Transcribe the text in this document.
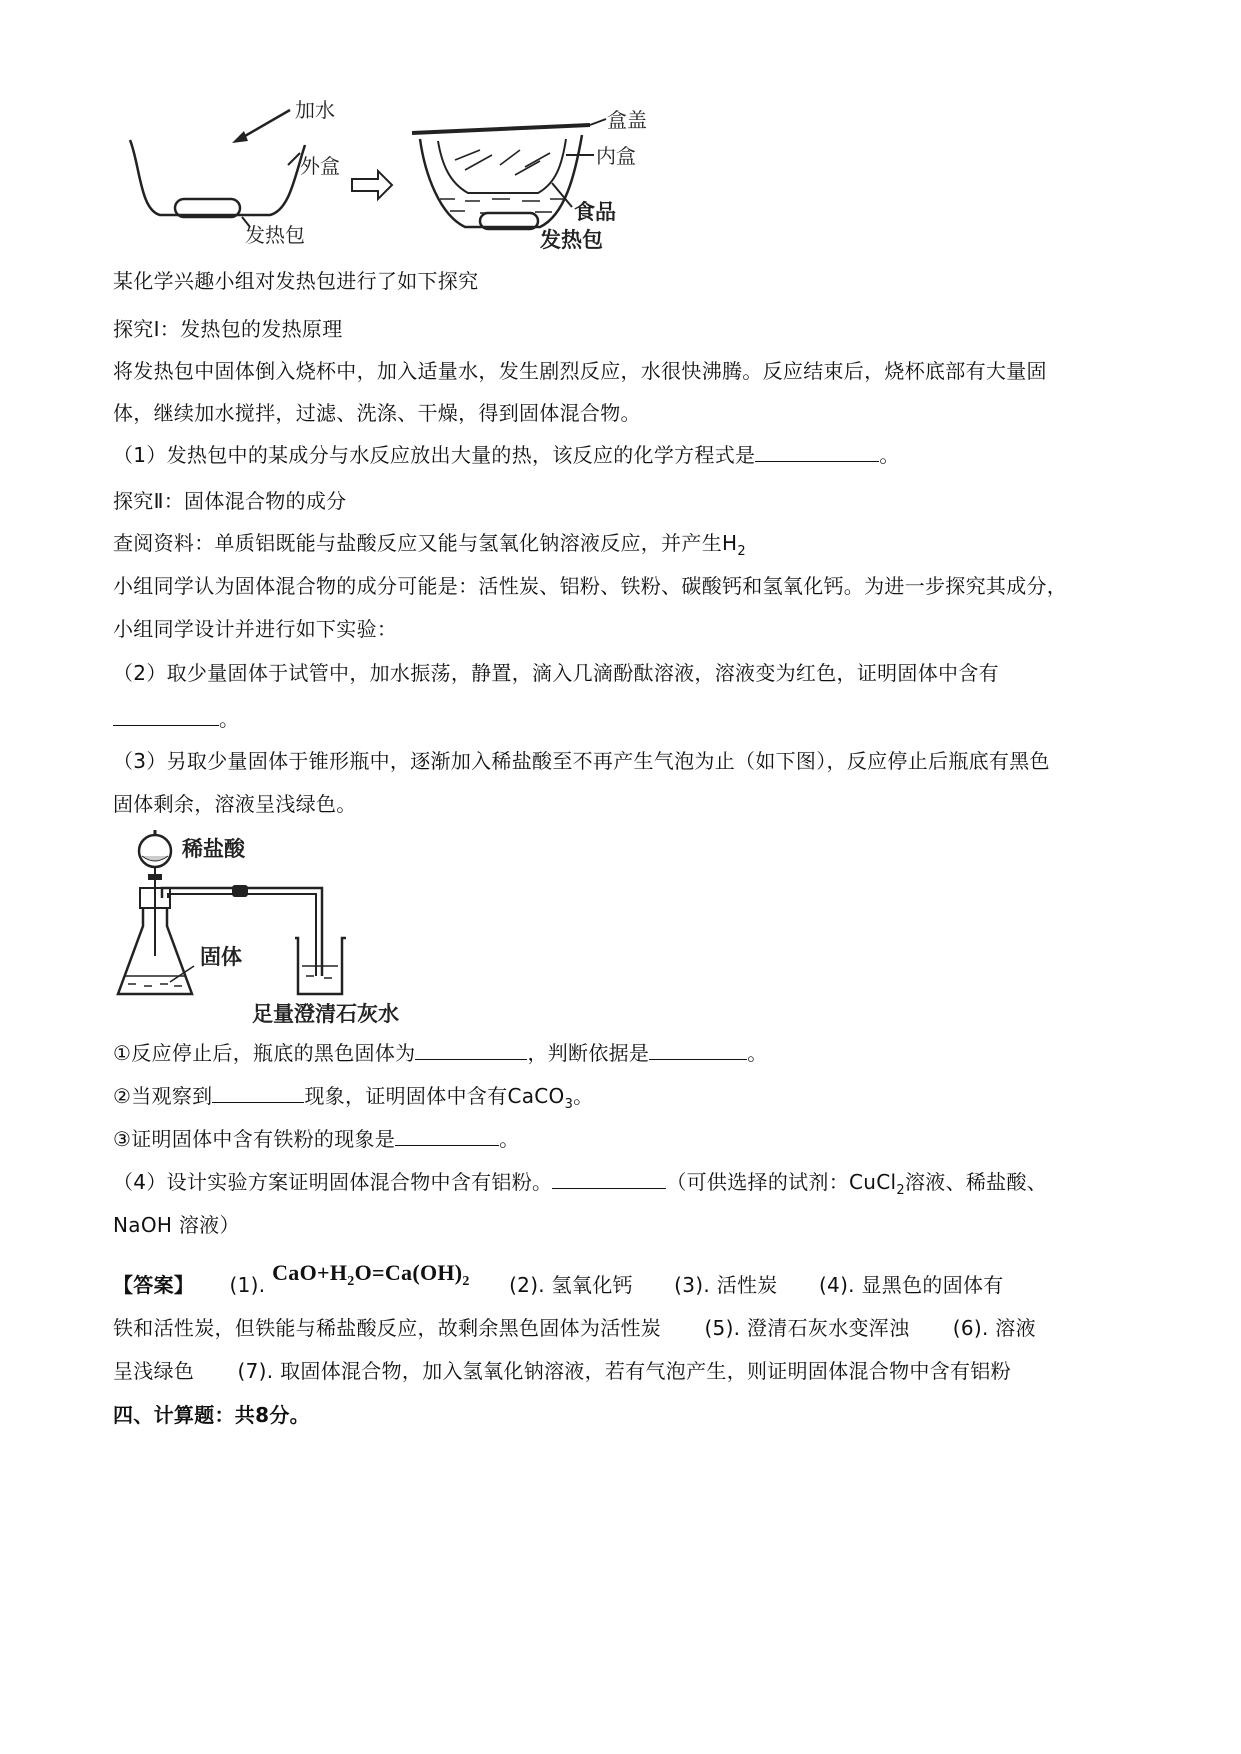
加水
外盒
发热包
盒盖
内盒
食品
发热包
某化学兴趣小组对发热包进行了如下探究
探究Ⅰ：发热包的发热原理
将发热包中固体倒入烧杯中，加入适量水，发生剧烈反应，水很快沸腾。反应结束后，烧杯底部有大量固
体，继续加水搅拌，过滤、洗涤、干燥，得到固体混合物。
（1）发热包中的某成分与水反应放出大量的热，该反应的化学方程式是	。
探究Ⅱ：固体混合物的成分
查阅资料：单质铝既能与盐酸反应又能与氢氧化钠溶液反应，并产生$H_2$
小组同学认为固体混合物的成分可能是：活性炭、铝粉、铁粉、碳酸钙和氢氧化钙。为进一步探究其成分，
小组同学设计并进行如下实验：
（2）取少量固体于试管中，加水振荡，静置，滴入几滴酚酞溶液，溶液变为红色，证明固体中含有
。
（3）另取少量固体于锥形瓶中，逐渐加入稀盐酸至不再产生气泡为止（如下图），反应停止后瓶底有黑色
固体剩余，溶液呈浅绿色。
稀盐酸
固体
足量澄清石灰水
①反应停止后，瓶底的黑色固体为	，判断依据是	。
②当观察到	现象，证明固体中含有CaCO$_3$。
③证明固体中含有铁粉的现象是	。
（4）设计实验方案证明固体混合物中含有铝粉。	（可供选择的试剂：CuCl$_2$溶液、稀盐酸、
NaOH 溶液）
【答案】 (1). $CaO+H_2O=Ca(OH)_2$ (2). 氢氧化钙 (3). 活性炭 (4). 显黑色的固体有
铁和活性炭，但铁能与稀盐酸反应，故剩余黑色固体为活性炭 (5). 澄清石灰水变浑浊 (6). 溶液
呈浅绿色 (7). 取固体混合物，加入氢氧化钠溶液，若有气泡产生，则证明固体混合物中含有铝粉
四、计算题：共8分。
